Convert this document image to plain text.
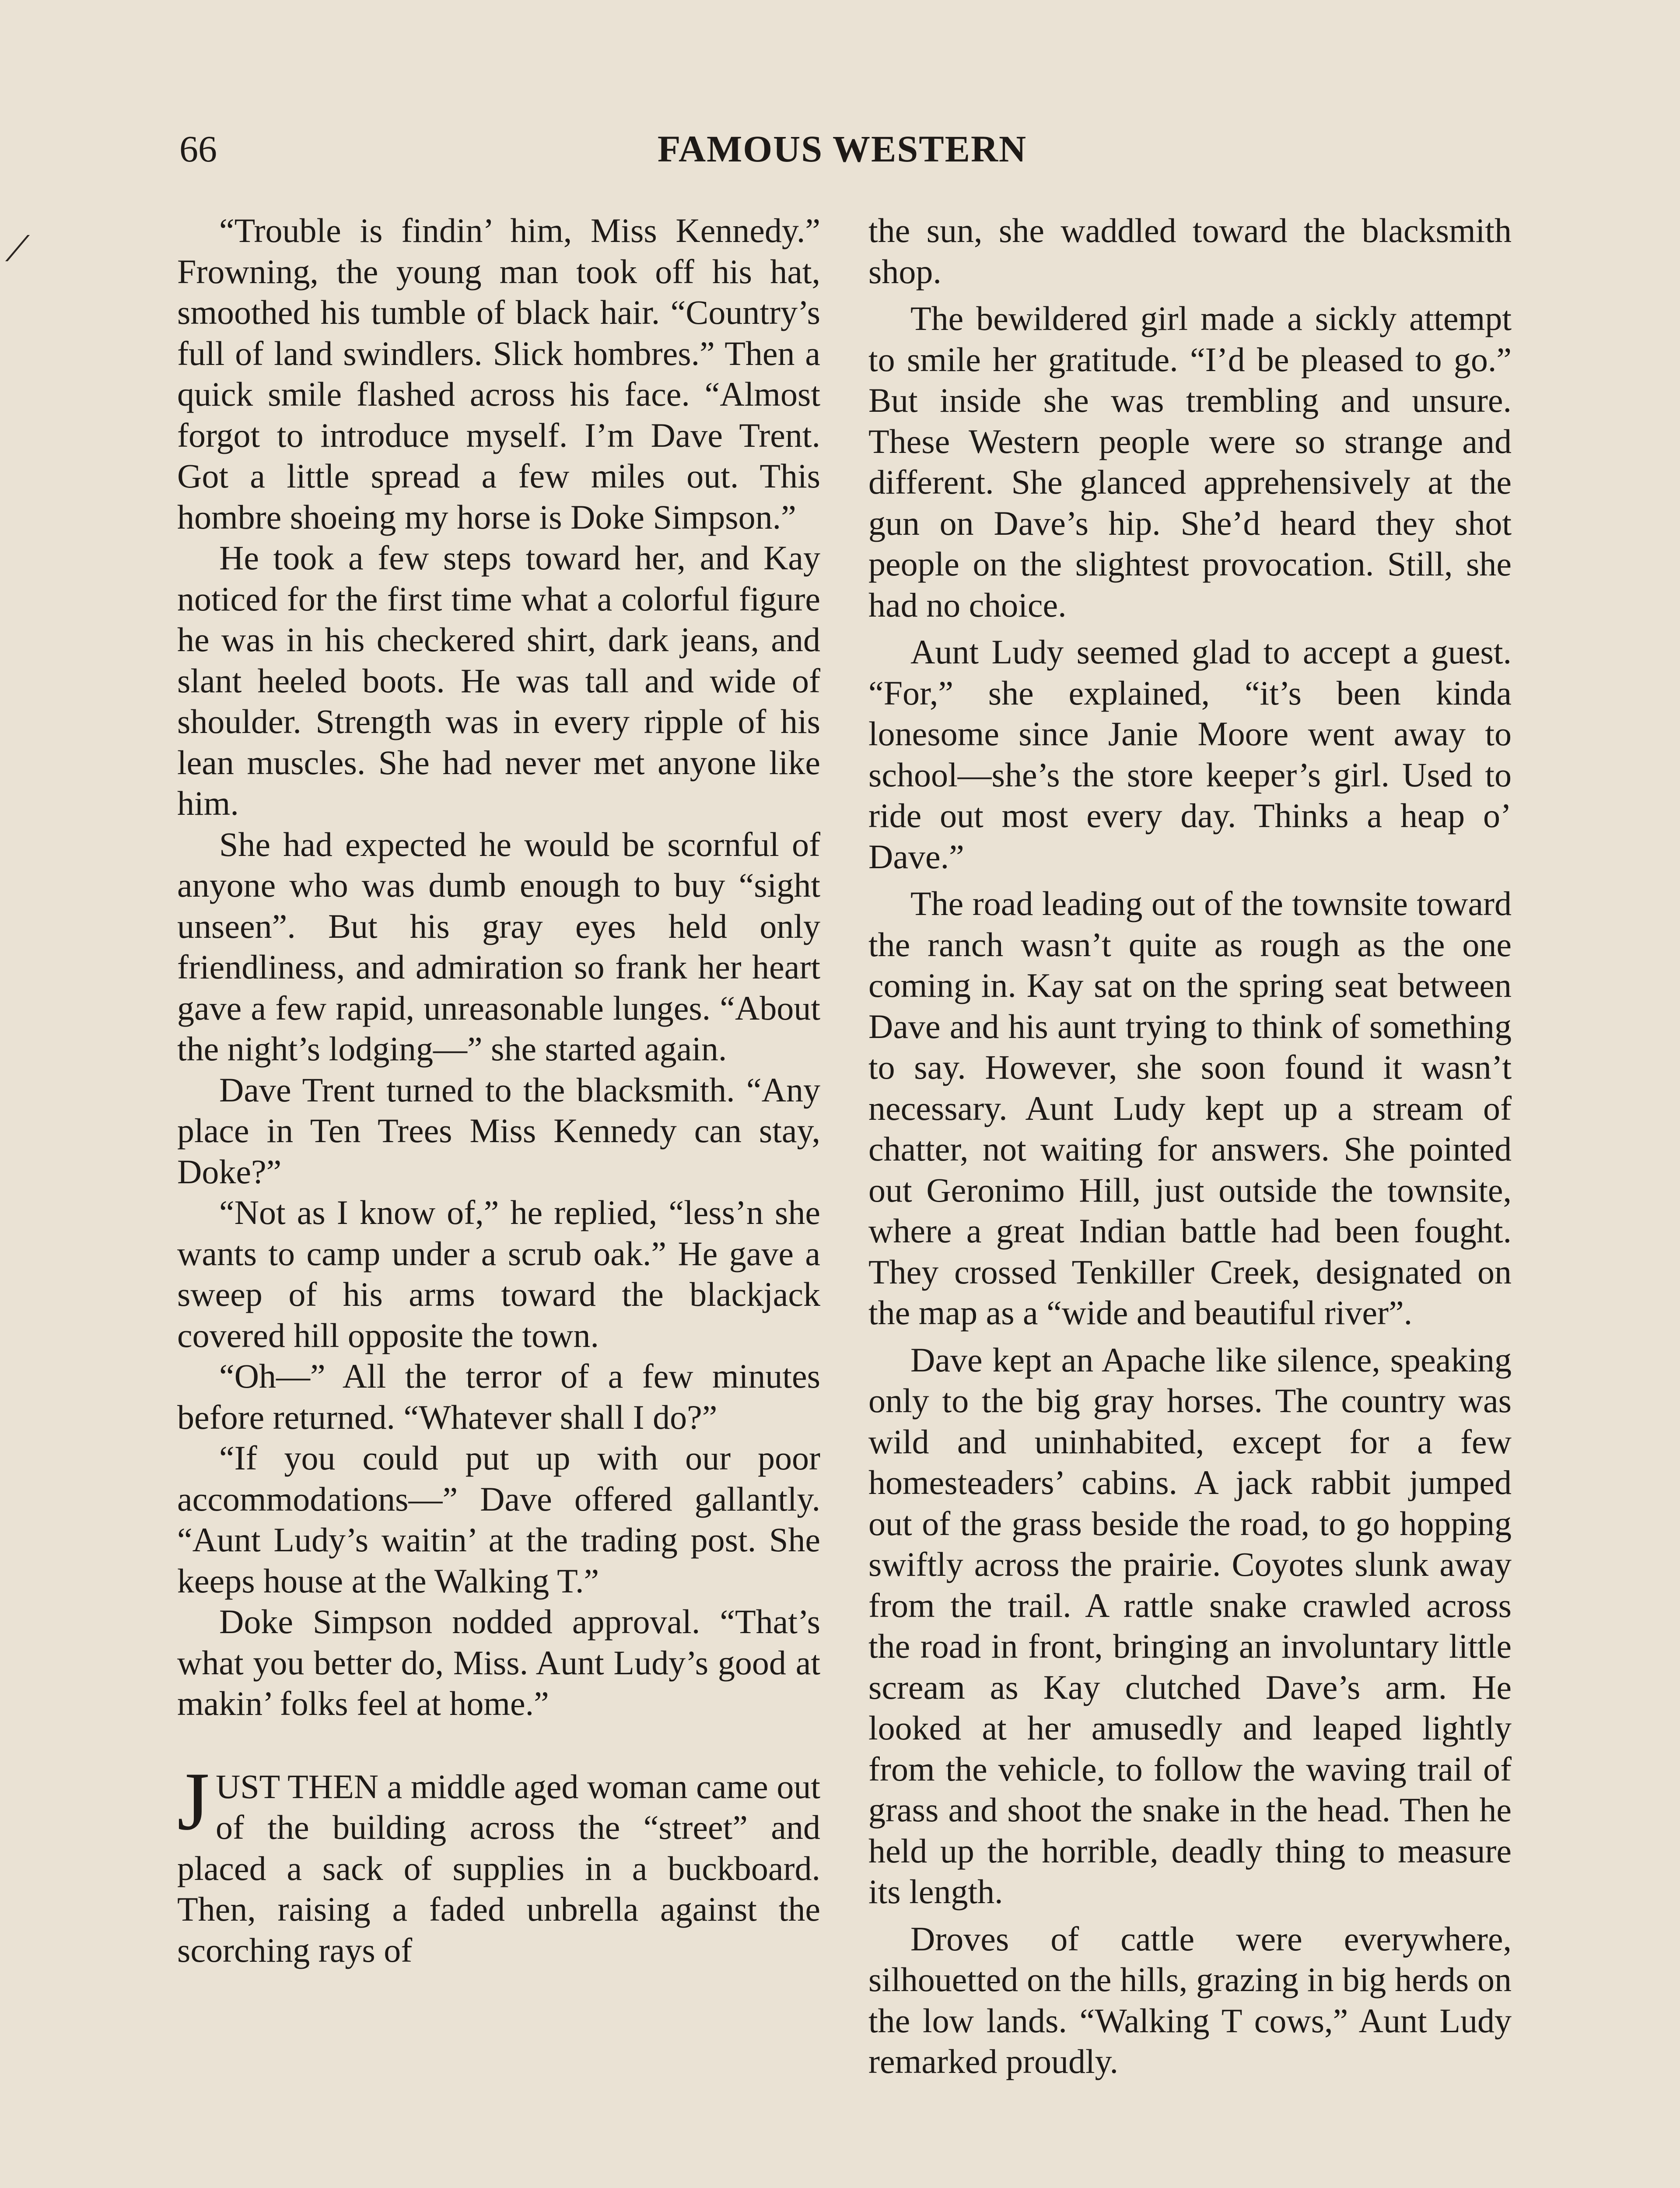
66	FAMOUS WESTERN
⟋	“Trouble is findin’ him, Miss Kennedy.” Frowning, the young man took off his hat, smoothed his tumble of black hair. “Country’s full of land swindlers. Slick hombres.” Then a quick smile flashed across his face. “Almost forgot to introduce myself. I’m Dave Trent. Got a little spread a few miles out. This hombre shoeing my horse is Doke Simpson.”

He took a few steps toward her, and Kay noticed for the first time what a colorful figure he was in his checkered shirt, dark jeans, and slant heeled boots. He was tall and wide of shoulder. Strength was in every ripple of his lean muscles. She had never met anyone like him.

She had expected he would be scornful of anyone who was dumb enough to buy “sight unseen”. But his gray eyes held only friendliness, and admiration so frank her heart gave a few rapid, unreasonable lunges. “About the night’s lodging—” she started again.

Dave Trent turned to the blacksmith. “Any place in Ten Trees Miss Kennedy can stay, Doke?”

“Not as I know of,” he replied, “less’n she wants to camp under a scrub oak.” He gave a sweep of his arms toward the blackjack covered hill opposite the town.

“Oh—” All the terror of a few minutes before returned. “Whatever shall I do?”

“If you could put up with our poor accommodations—” Dave offered gallantly. “Aunt Ludy’s waitin’ at the trading post. She keeps house at the Walking T.”

Doke Simpson nodded approval. “That’s what you better do, Miss. Aunt Ludy’s good at makin’ folks feel at home.”

JUST THEN a middle aged woman came out of the building across the “street” and placed a sack of supplies in a buckboard. Then, raising a faded unbrella against the scorching rays of

the sun, she waddled toward the blacksmith shop.

The bewildered girl made a sickly attempt to smile her gratitude. “I’d be pleased to go.” But inside she was trembling and unsure. These Western people were so strange and different. She glanced apprehensively at the gun on Dave’s hip. She’d heard they shot people on the slightest provocation. Still, she had no choice.

Aunt Ludy seemed glad to accept a guest. “For,” she explained, “it’s been kinda lonesome since Janie Moore went away to school—she’s the store keeper’s girl. Used to ride out most every day. Thinks a heap o’ Dave.”

The road leading out of the townsite toward the ranch wasn’t quite as rough as the one coming in. Kay sat on the spring seat between Dave and his aunt trying to think of something to say. However, she soon found it wasn’t necessary. Aunt Ludy kept up a stream of chatter, not waiting for answers. She pointed out Geronimo Hill, just outside the townsite, where a great Indian battle had been fought. They crossed Tenkiller Creek, designated on the map as a “wide and beautiful river”.

Dave kept an Apache like silence, speaking only to the big gray horses. The country was wild and uninhabited, except for a few homesteaders’ cabins. A jack rabbit jumped out of the grass beside the road, to go hopping swiftly across the prairie. Coyotes slunk away from the trail. A rattle snake crawled across the road in front, bringing an involuntary little scream as Kay clutched Dave’s arm. He looked at her amusedly and leaped lightly from the vehicle, to follow the waving trail of grass and shoot the snake in the head. Then he held up the horrible, deadly thing to measure its length.

Droves of cattle were everywhere, silhouetted on the hills, grazing in big herds on the low lands. “Walking T cows,” Aunt Ludy remarked proudly.
